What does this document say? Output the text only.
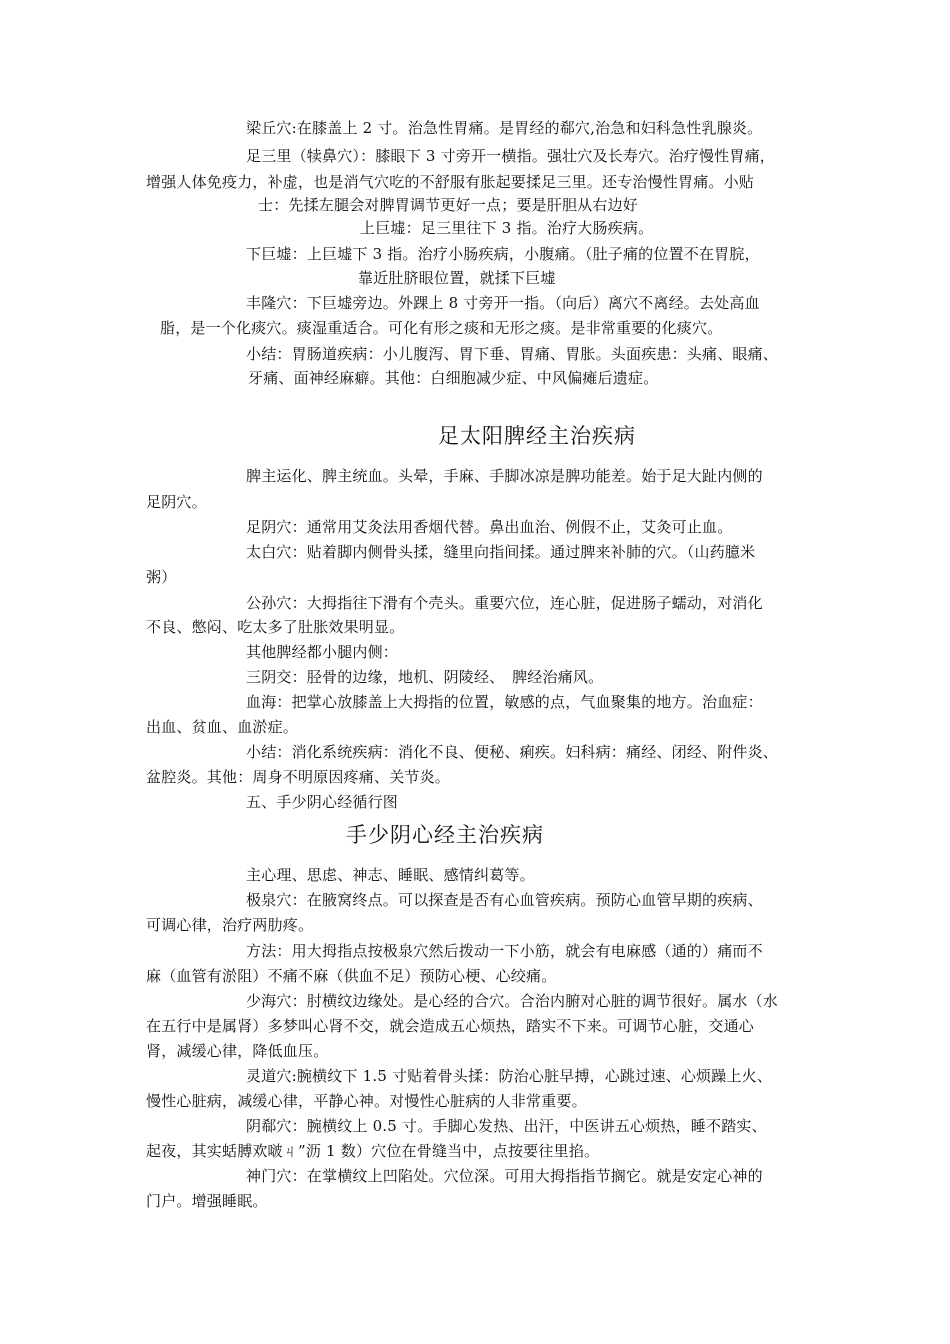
梁丘穴:在膝盖上 2 寸。治急性胃痛。是胃经的郗穴,治急和妇科急性乳腺炎。
足三里（犊鼻穴）：膝眼下 3 寸旁开一横指。强壮穴及长寿穴。治疗慢性胃痛，
增强人体免疫力，补虚，也是消气穴吃的不舒服有胀起要揉足三里。还专治慢性胃痛。小贴
士：先揉左腿会对脾胃调节更好一点；要是肝胆从右边好
上巨墟：足三里往下 3 指。治疗大肠疾病。
下巨墟：上巨墟下 3 指。治疗小肠疾病，小腹痛。（肚子痛的位置不在胃脘，
靠近肚脐眼位置，就揉下巨墟
丰隆穴：下巨墟旁边。外踝上 8 寸旁开一指。（向后）离穴不离经。去处高血
脂，是一个化痰穴。痰湿重适合。可化有形之痰和无形之痰。是非常重要的化痰穴。
小结：胃肠道疾病：小儿腹泻、胃下垂、胃痛、胃胀。头面疾患：头痛、眼痛、
牙痛、面神经麻癖。其他：白细胞减少症、中风偏瘫后遗症。
足太阳脾经主治疾病
脾主运化、脾主统血。头晕，手麻、手脚冰凉是脾功能差。始于足大趾内侧的
足阴穴。
足阴穴：通常用艾灸法用香烟代替。鼻出血治、例假不止，艾灸可止血。
太白穴：贴着脚内侧骨头揉，缝里向指间揉。通过脾来补肺的穴。（山药臆米
粥）
公孙穴：大拇指往下滑有个壳头。重要穴位，连心脏，促进肠子蠕动，对消化
不良、憋闷、吃太多了肚胀效果明显。
其他脾经都小腿内侧：
三阴交：胫骨的边缘，地机、阴陵经、　脾经治痛风。
血海：把掌心放膝盖上大拇指的位置，敏感的点，气血聚集的地方。治血症：
出血、贫血、血淤症。
小结：消化系统疾病：消化不良、便秘、痢疾。妇科病：痛经、闭经、附件炎、
盆腔炎。其他：周身不明原因疼痛、关节炎。
五、手少阴心经循行图
手少阴心经主治疾病
主心理、思虑、神志、睡眠、感情纠葛等。
极泉穴：在腋窝终点。可以探查是否有心血管疾病。预防心血管早期的疾病、
可调心律，治疗两肋疼。
方法：用大拇指点按极泉穴然后拨动一下小筋，就会有电麻感（通的）痛而不
麻（血管有淤阻）不痛不麻（供血不足）预防心梗、心绞痛。
少海穴：肘横纹边缘处。是心经的合穴。合治内腑对心脏的调节很好。属水（水
在五行中是属肾）多梦叫心肾不交，就会造成五心烦热，踏实不下来。可调节心脏，交通心
肾，减缓心律，降低血压。
灵道穴:腕横纹下 1.5 寸贴着骨头揉：防治心脏早搏，心跳过速、心烦躁上火、
慢性心脏病，减缓心律，平静心神。对慢性心脏病的人非常重要。
阴郗穴：腕横纹上 0.5 寸。手脚心发热、出汗，中医讲五心烦热，睡不踏实、
起夜，其实蛞膊欢啵ㄐ”沥 1 数）穴位在骨缝当中，点按要往里掐。
神门穴：在掌横纹上凹陷处。穴位深。可用大拇指指节搁它。就是安定心神的
门户。增强睡眠。
